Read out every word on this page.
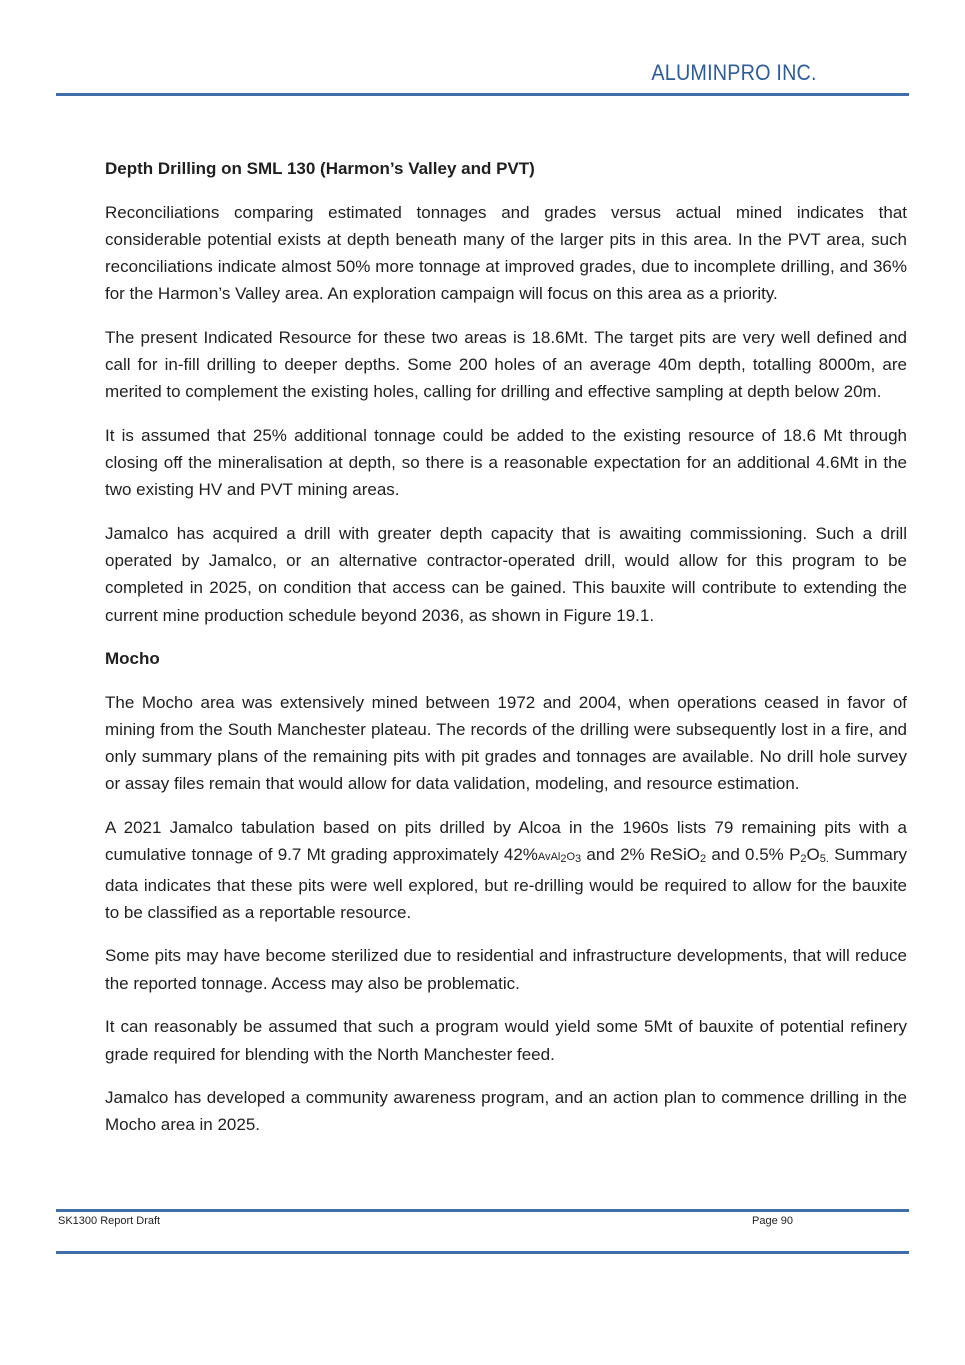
ALUMINPRO INC.
Depth Drilling on SML 130 (Harmon’s Valley and PVT)

Reconciliations comparing estimated tonnages and grades versus actual mined indicates that considerable potential exists at depth beneath many of the larger pits in this area. In the PVT area, such reconciliations indicate almost 50% more tonnage at improved grades, due to incomplete drilling, and 36% for the Harmon’s Valley area. An exploration campaign will focus on this area as a priority.

The present Indicated Resource for these two areas is 18.6Mt. The target pits are very well defined and call for in-fill drilling to deeper depths. Some 200 holes of an average 40m depth, totalling 8000m, are merited to complement the existing holes, calling for drilling and effective sampling at depth below 20m.

It is assumed that 25% additional tonnage could be added to the existing resource of 18.6 Mt through closing off the mineralisation at depth, so there is a reasonable expectation for an additional 4.6Mt in the two existing HV and PVT mining areas.

Jamalco has acquired a drill with greater depth capacity that is awaiting commissioning. Such a drill operated by Jamalco, or an alternative contractor-operated drill, would allow for this program to be completed in 2025, on condition that access can be gained. This bauxite will contribute to extending the current mine production schedule beyond 2036, as shown in Figure 19.1.

Mocho

The Mocho area was extensively mined between 1972 and 2004, when operations ceased in favor of mining from the South Manchester plateau. The records of the drilling were subsequently lost in a fire, and only summary plans of the remaining pits with pit grades and tonnages are available. No drill hole survey or assay files remain that would allow for data validation, modeling, and resource estimation.

A 2021 Jamalco tabulation based on pits drilled by Alcoa in the 1960s lists 79 remaining pits with a cumulative tonnage of 9.7 Mt grading approximately 42%AvAl2O3 and 2% ReSiO2 and 0.5% P2O5. Summary data indicates that these pits were well explored, but re-drilling would be required to allow for the bauxite to be classified as a reportable resource.

Some pits may have become sterilized due to residential and infrastructure developments, that will reduce the reported tonnage. Access may also be problematic.

It can reasonably be assumed that such a program would yield some 5Mt of bauxite of potential refinery grade required for blending with the North Manchester feed.

Jamalco has developed a community awareness program, and an action plan to commence drilling in the Mocho area in 2025.

SK1300 Report Draft	Page 90
